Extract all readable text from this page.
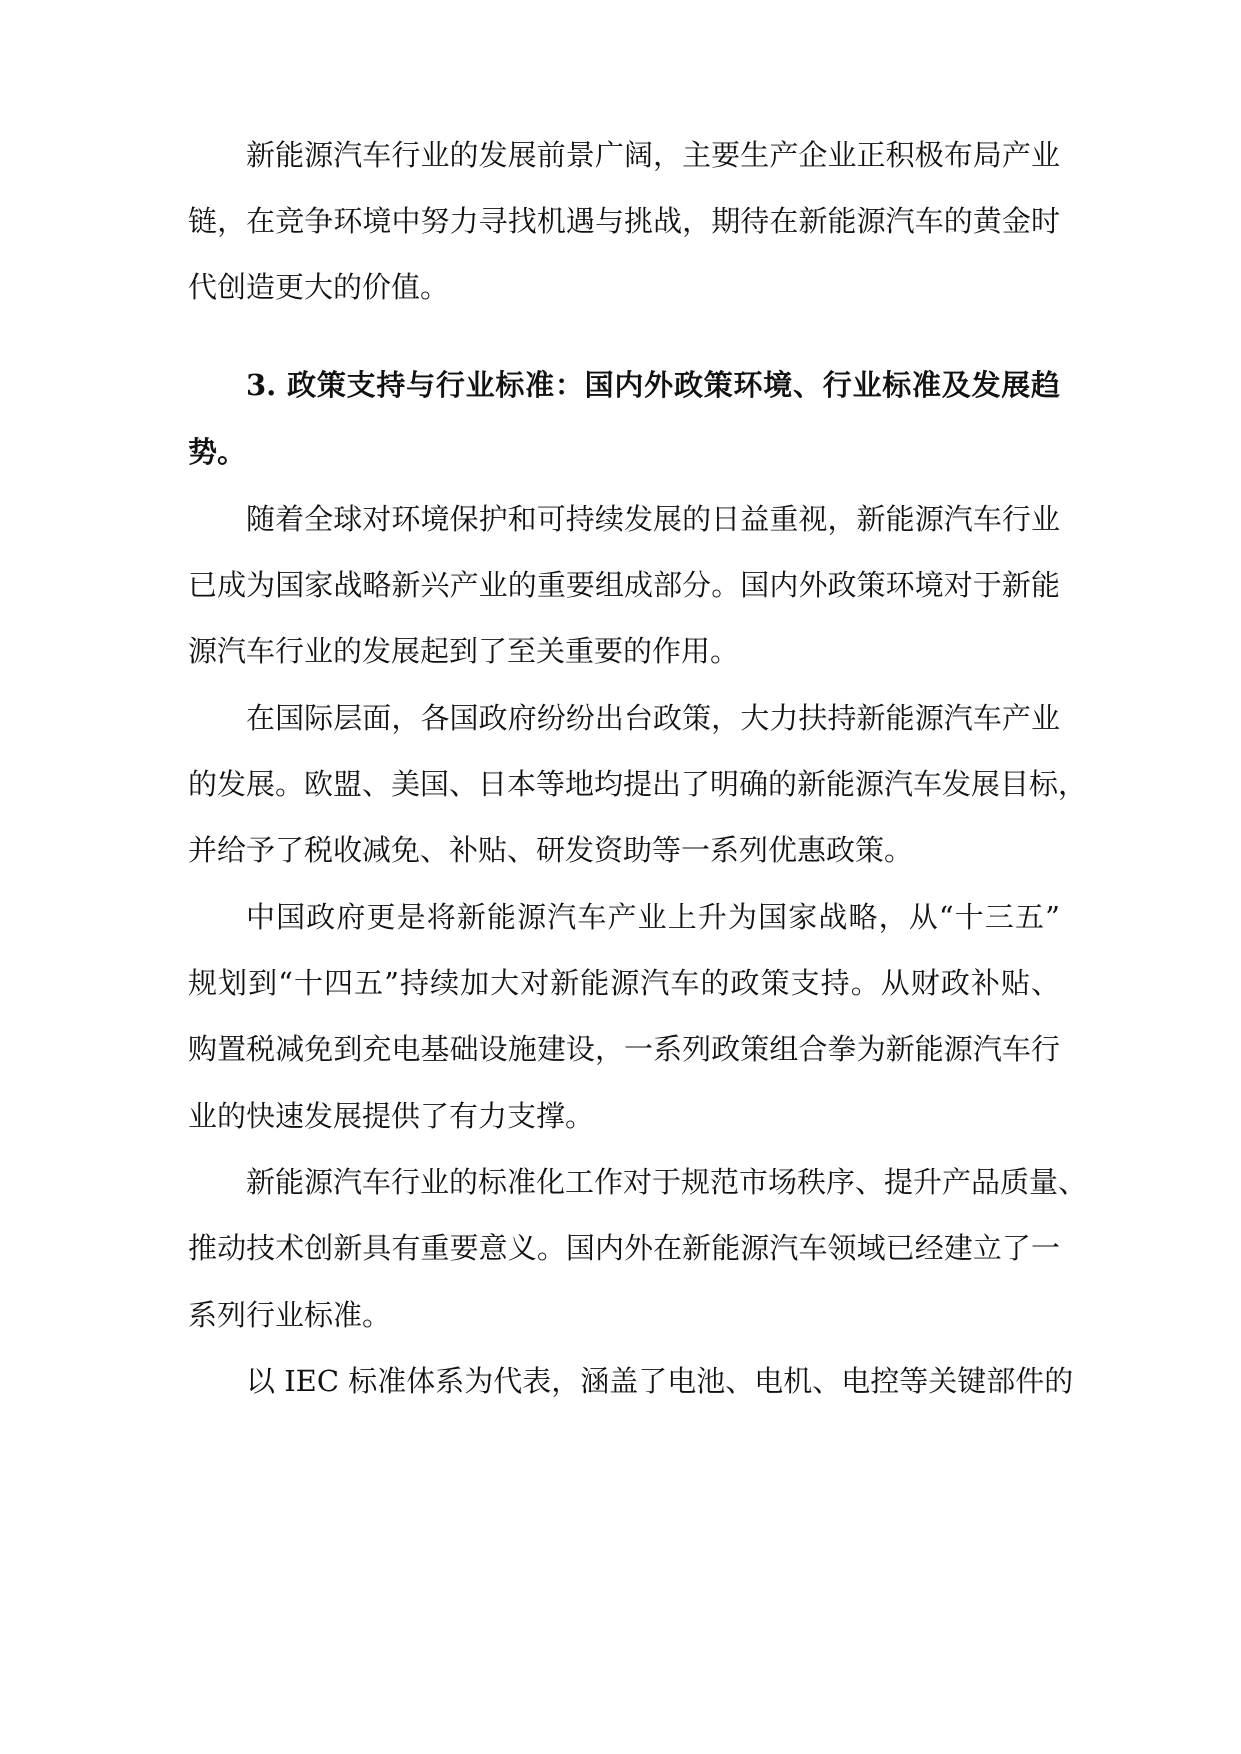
新能源汽车行业的发展前景广阔，主要生产企业正积极布局产业
链，在竞争环境中努力寻找机遇与挑战，期待在新能源汽车的黄金时
代创造更大的价值。
3. 政策支持与行业标准：国内外政策环境、行业标准及发展趋
势。
随着全球对环境保护和可持续发展的日益重视，新能源汽车行业
已成为国家战略新兴产业的重要组成部分。国内外政策环境对于新能
源汽车行业的发展起到了至关重要的作用。
在国际层面，各国政府纷纷出台政策，大力扶持新能源汽车产业
的发展。欧盟、美国、日本等地均提出了明确的新能源汽车发展目标，
并给予了税收减免、补贴、研发资助等一系列优惠政策。
中国政府更是将新能源汽车产业上升为国家战略，从“十三五”
规划到“十四五”持续加大对新能源汽车的政策支持。从财政补贴、
购置税减免到充电基础设施建设，一系列政策组合拳为新能源汽车行
业的快速发展提供了有力支撑。
新能源汽车行业的标准化工作对于规范市场秩序、提升产品质量、
推动技术创新具有重要意义。国内外在新能源汽车领域已经建立了一
系列行业标准。
以 IEC 标准体系为代表，涵盖了电池、电机、电控等关键部件的
